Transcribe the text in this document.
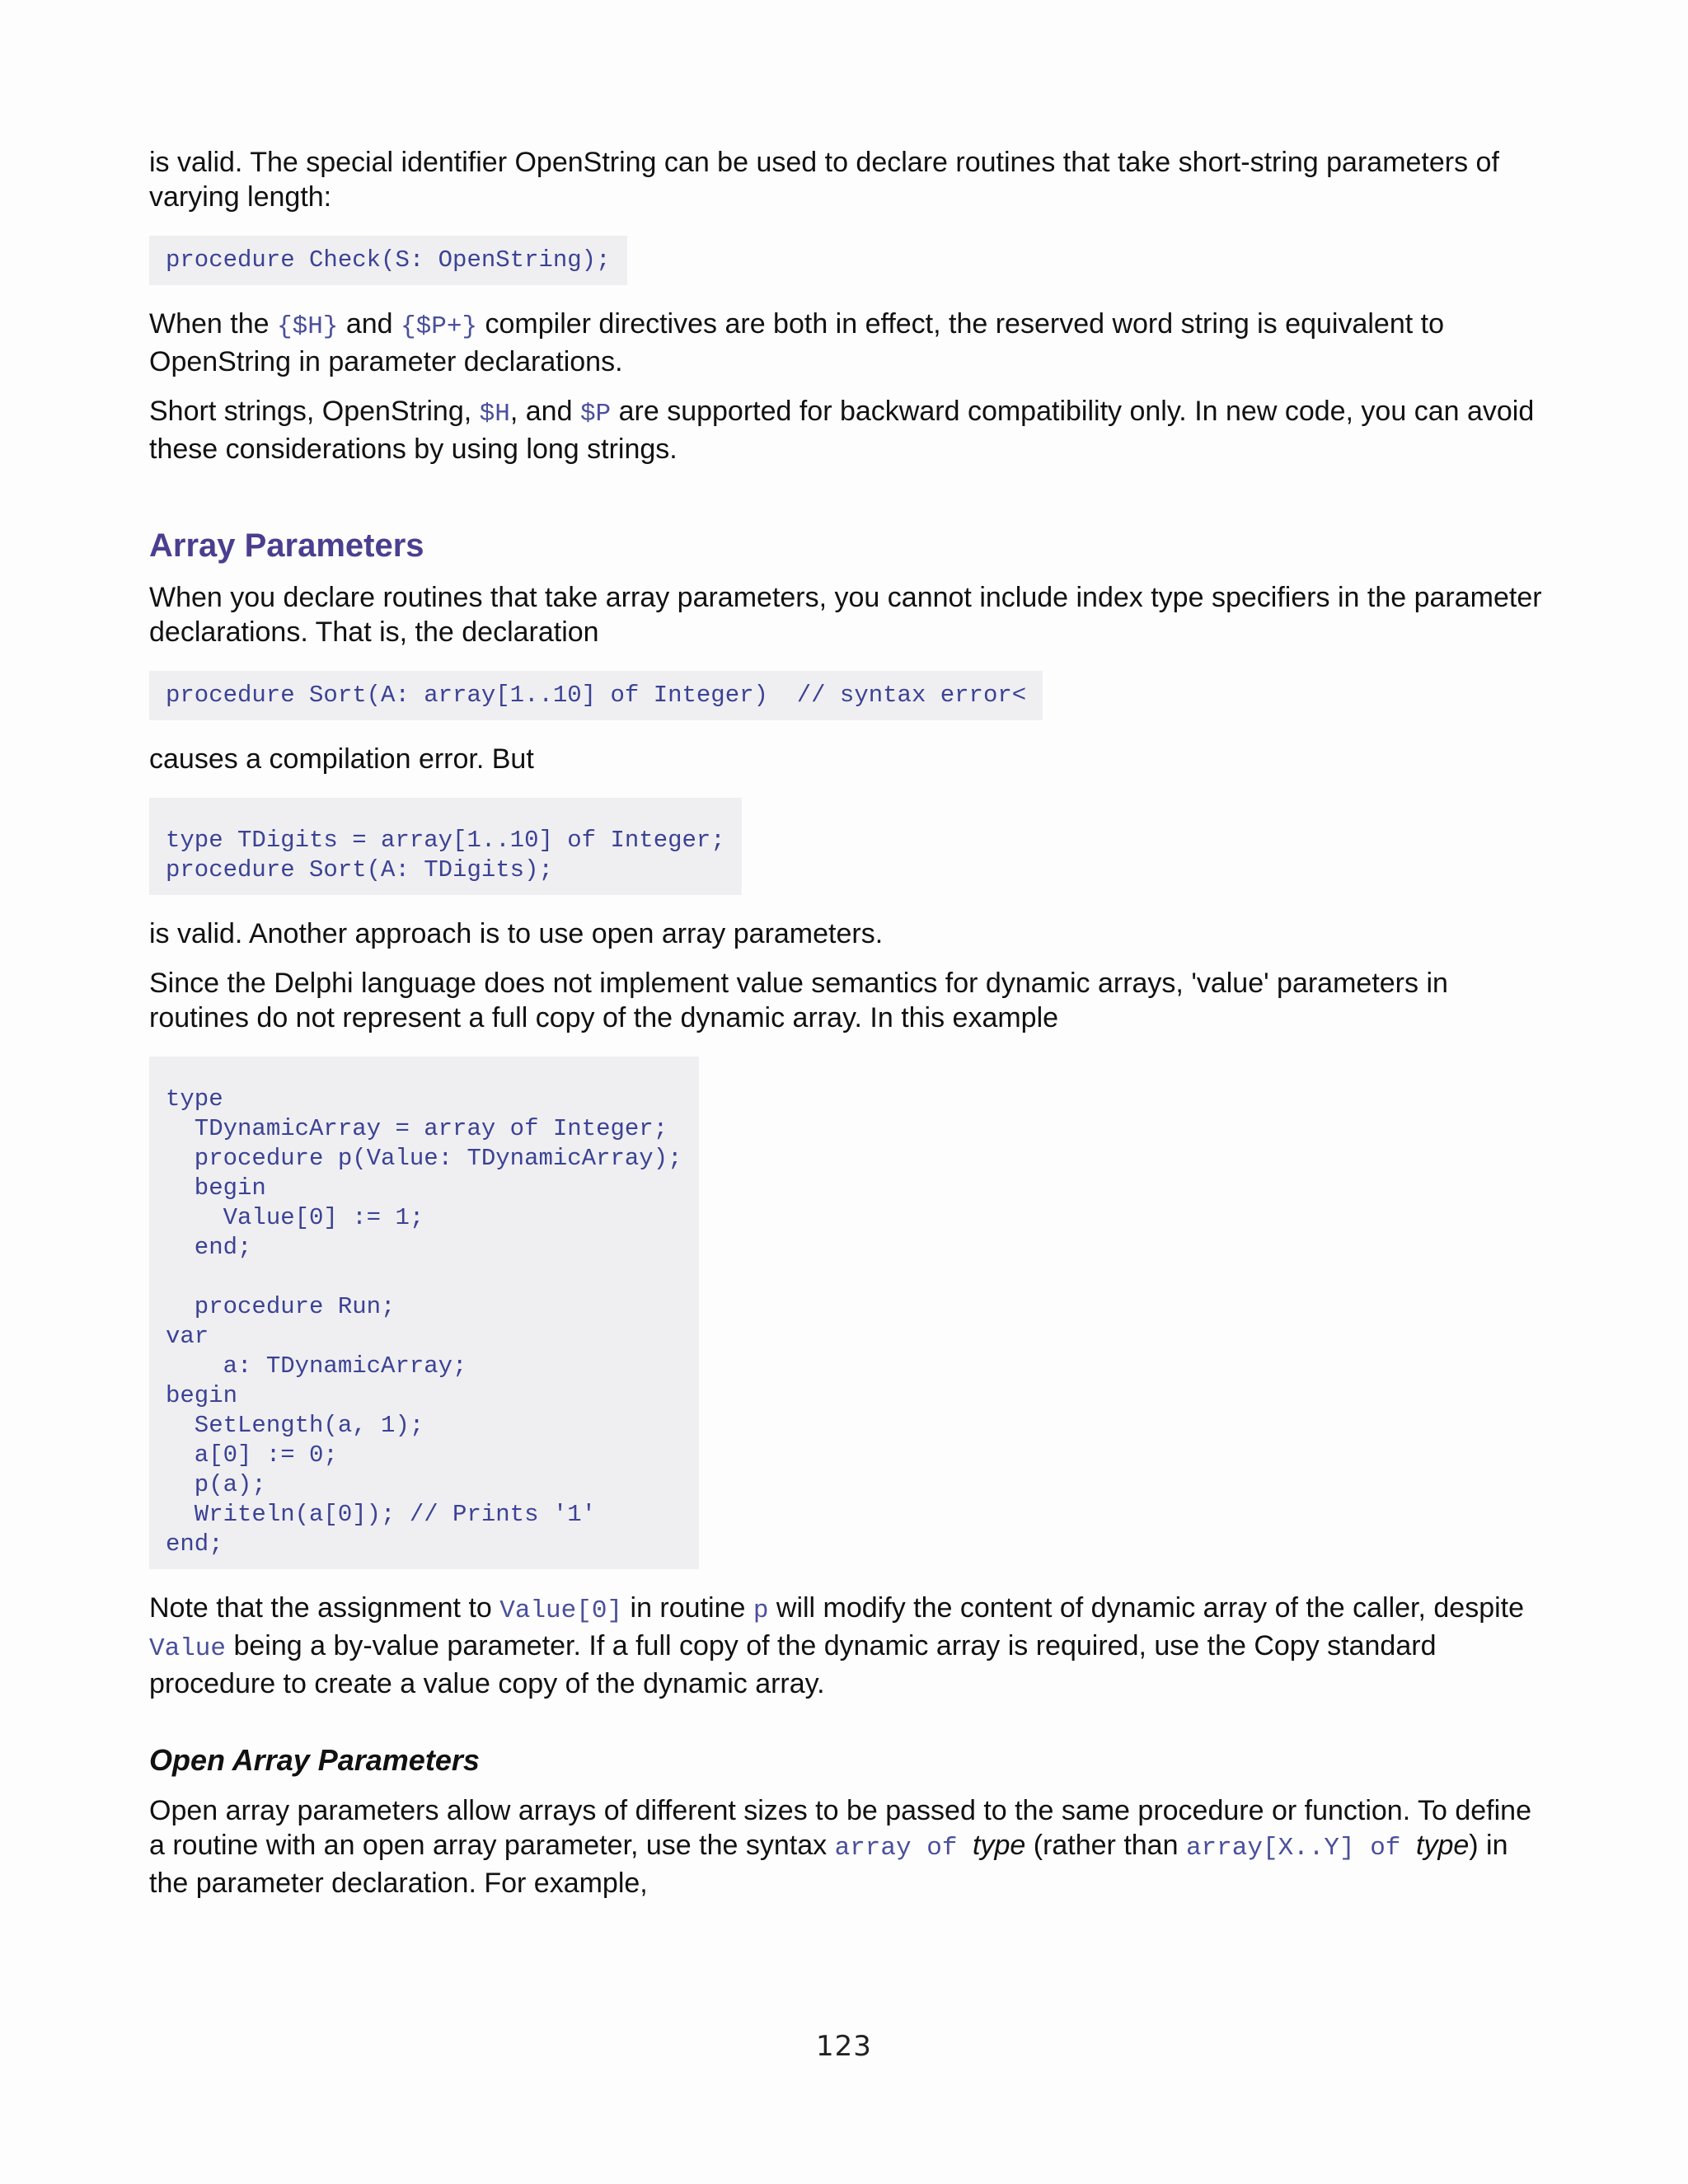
is valid. The special identifier OpenString can be used to declare routines that take short-string parameters of varying length:

procedure Check(S: OpenString);

When the {$H} and {$P+} compiler directives are both in effect, the reserved word string is equivalent to OpenString in parameter declarations.

Short strings, OpenString, $H, and $P are supported for backward compatibility only. In new code, you can avoid these considerations by using long strings.

Array Parameters

When you declare routines that take array parameters, you cannot include index type specifiers in the parameter declarations. That is, the declaration

procedure Sort(A: array[1..10] of Integer)  // syntax error<

causes a compilation error. But

type TDigits = array[1..10] of Integer;
procedure Sort(A: TDigits);

is valid. Another approach is to use open array parameters.

Since the Delphi language does not implement value semantics for dynamic arrays, 'value' parameters in routines do not represent a full copy of the dynamic array. In this example

type
TDynamicArray = array of Integer;
procedure p(Value: TDynamicArray);
begin
Value[0] := 1;
end;

procedure Run;
var
a: TDynamicArray;
begin
SetLength(a, 1);
a[0] := 0;
p(a);
Writeln(a[0]); // Prints '1'
end;

Note that the assignment to Value[0] in routine p will modify the content of dynamic array of the caller, despite Value being a by-value parameter. If a full copy of the dynamic array is required, use the Copy standard procedure to create a value copy of the dynamic array.

Open Array Parameters

Open array parameters allow arrays of different sizes to be passed to the same procedure or function. To define a routine with an open array parameter, use the syntax array of type (rather than array[X..Y] of type) in the parameter declaration. For example,

123
